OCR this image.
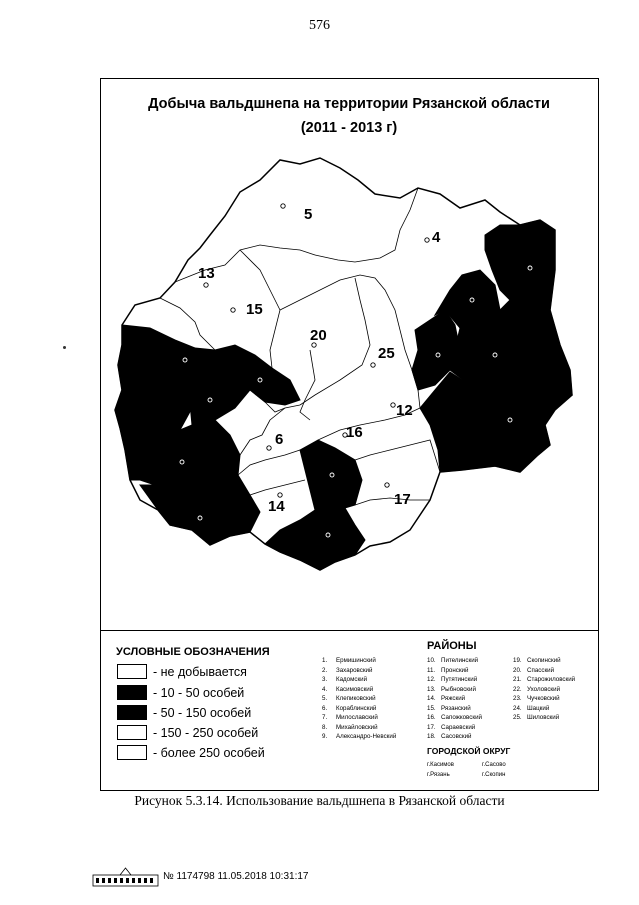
576
Добыча вальдшнепа на территории Рязанской области
(2011 - 2013 г)
5
4
13
15
20
25
12
6	16
14	17
УСЛОВНЫЕ ОБОЗНАЧЕНИЯ
- не добывается
- 10 - 50 особей
- 50 - 150 особей
- 150 - 250 особей
- более 250 особей
РАЙОНЫ
1.	Ермишинский
2.	Захаровский
3.	Кадомский
4.	Касимовский
5.	Клепиковский
6.	Кораблинский
7.	Милославский
8.	Михайловский
9.	Александро-Невский
10. Пителинский
11. Пронский
12. Путятинский
13. Рыбновский
14. Ряжский
15. Рязанский
16. Сапожковский
17. Сараевский
18. Сасовский
19. Скопинский
20. Спасский
21. Старожиловский
22. Ухоловский
23. Чучковский
24. Шацкий
25. Шиловский
ГОРОДСКОЙ ОКРУГ
г.Касимов	г.Сасово
г.Рязань	г.Скопин
Рисунок 5.3.14. Использование вальдшнепа в Рязанской области
№ 1174798 11.05.2018 10:31:17
